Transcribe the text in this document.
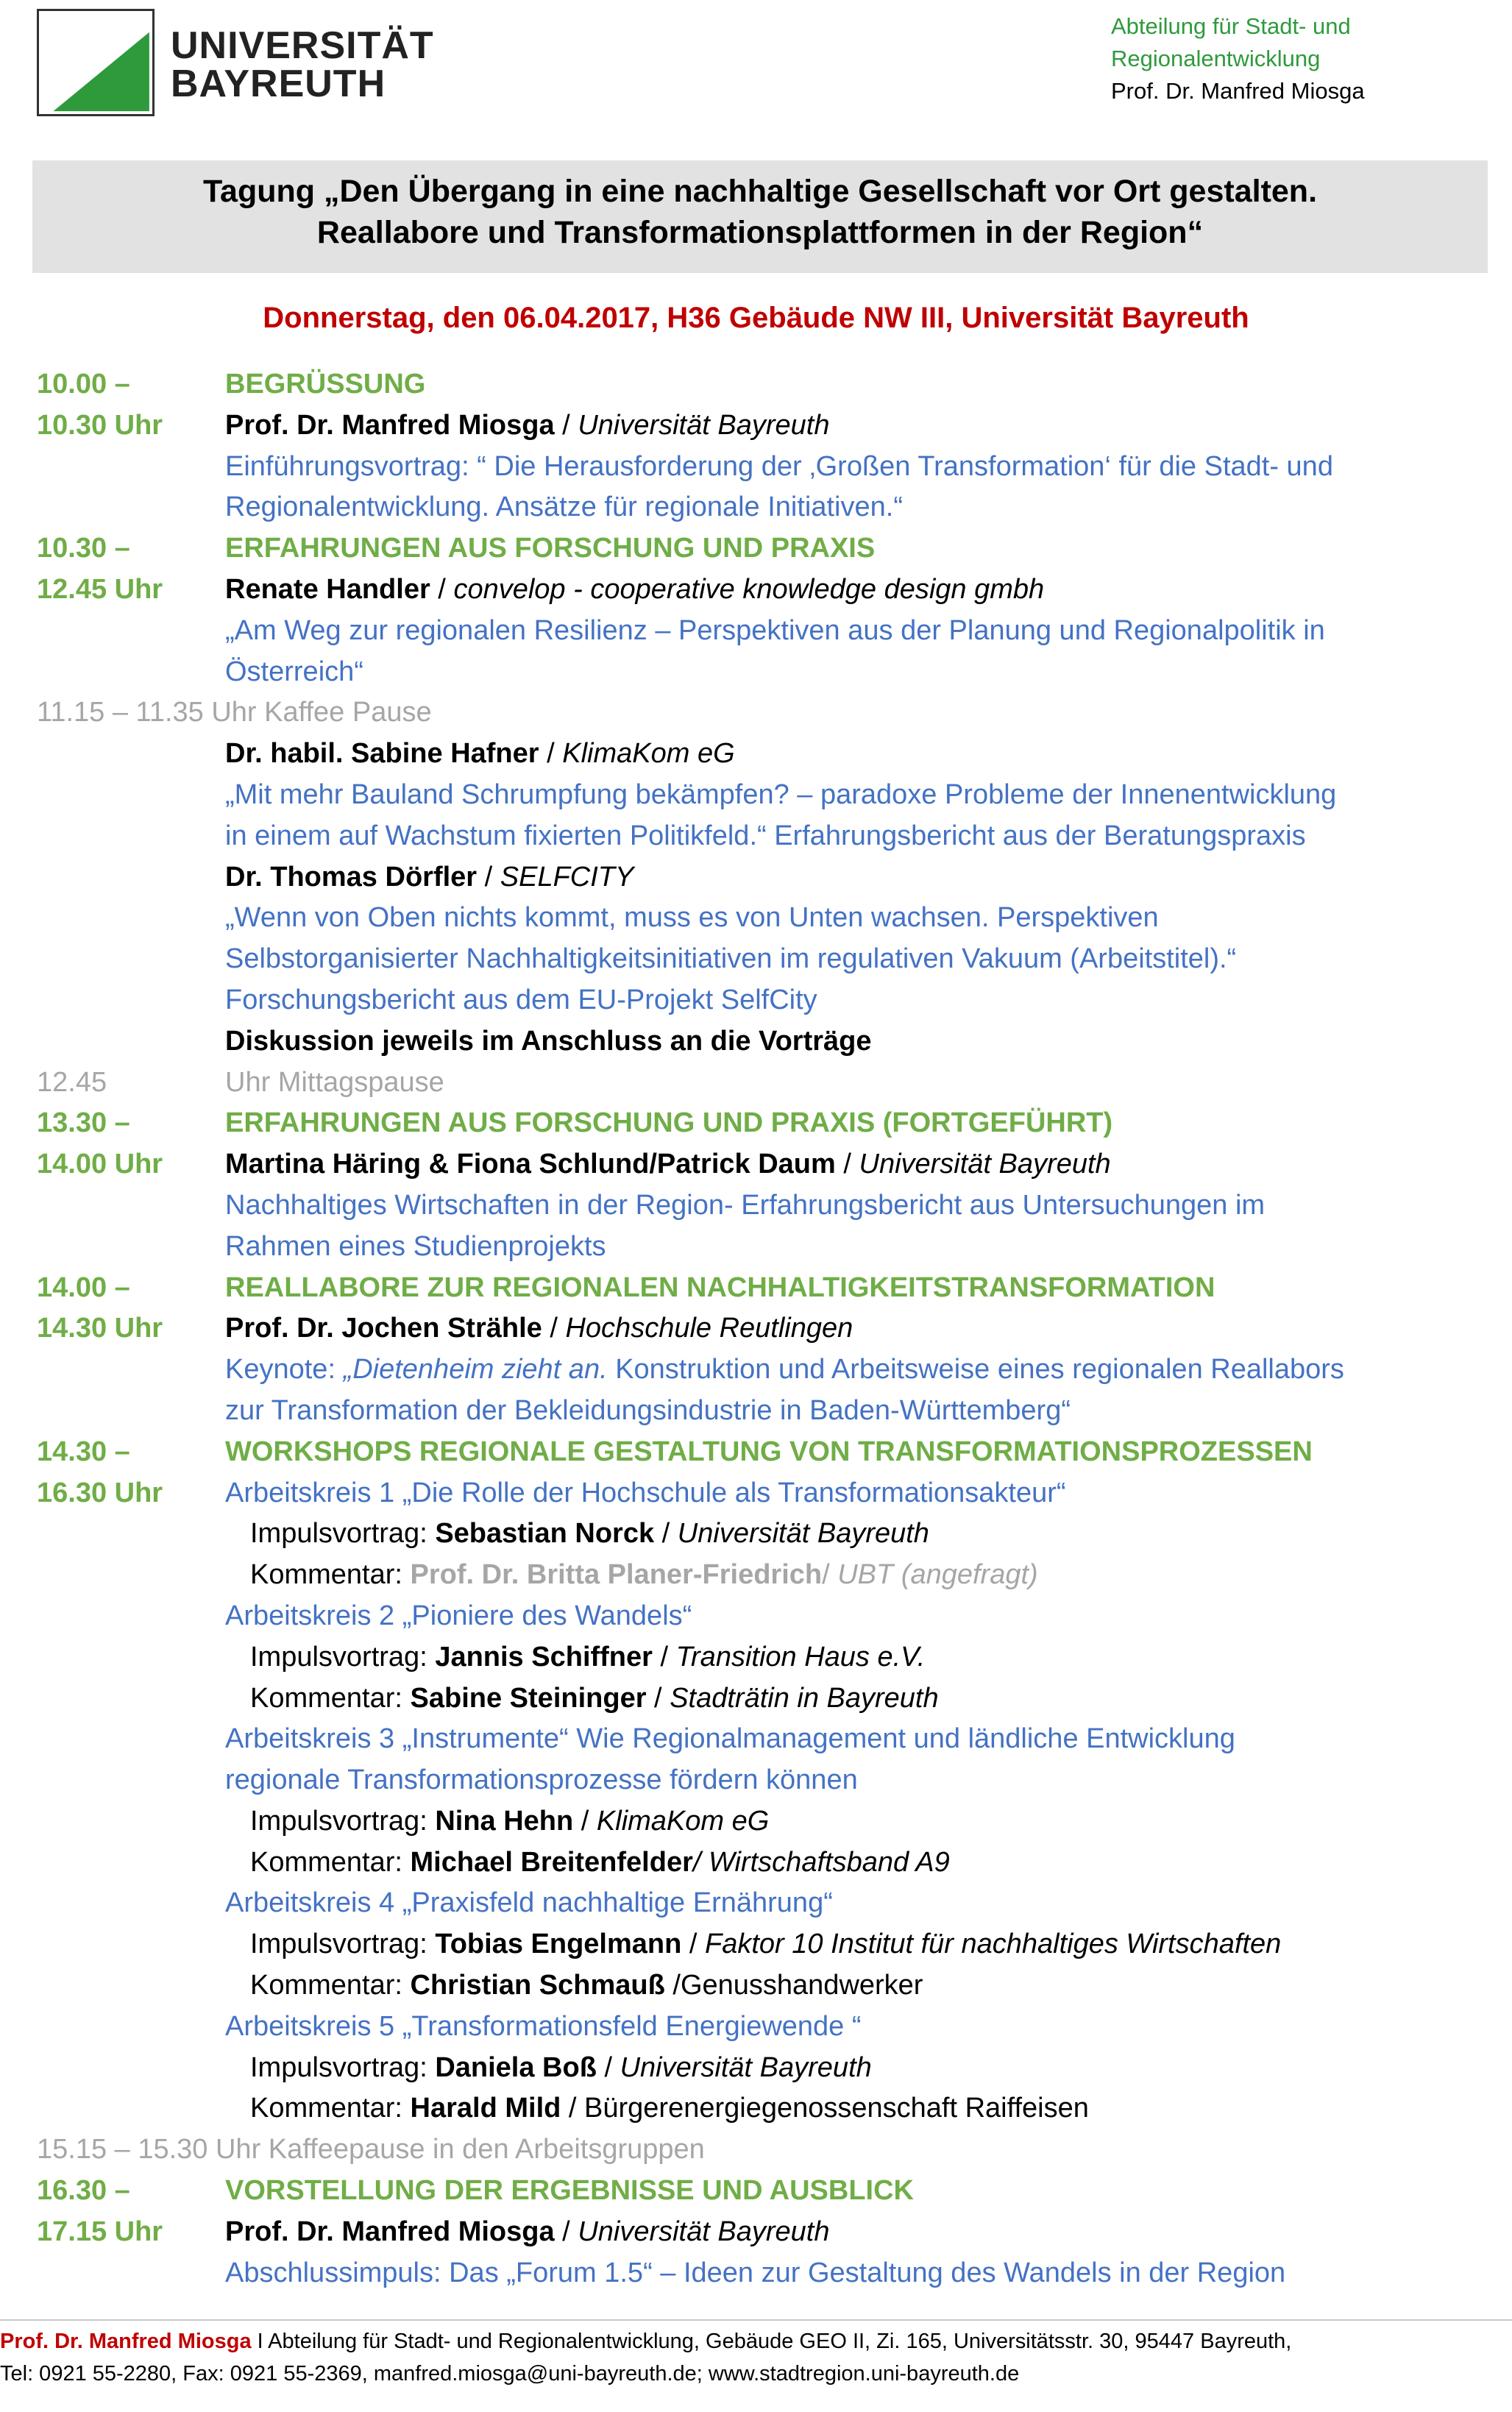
UNIVERSITÄT
BAYREUTH
Abteilung für Stadt- und
Regionalentwicklung
Prof. Dr. Manfred Miosga
Tagung „Den Übergang in eine nachhaltige Gesellschaft vor Ort gestalten.
Reallabore und Transformationsplattformen in der Region“
Donnerstag, den 06.04.2017, H36 Gebäude NW III, Universität Bayreuth
10.00 –	BEGRÜSSUNG
10.30 Uhr	Prof. Dr. Manfred Miosga / Universität Bayreuth
Einführungsvortrag: “ Die Herausforderung der ‚Großen Transformation‘ für die Stadt- und
Regionalentwicklung. Ansätze für regionale Initiativen.“
10.30 –	ERFAHRUNGEN AUS FORSCHUNG UND PRAXIS
12.45 Uhr	Renate Handler / convelop - cooperative knowledge design gmbh
„Am Weg zur regionalen Resilienz – Perspektiven aus der Planung und Regionalpolitik in
Österreich“
11.15 – 11.35 Uhr Kaffee Pause
Dr. habil. Sabine Hafner / KlimaKom eG
„Mit mehr Bauland Schrumpfung bekämpfen? – paradoxe Probleme der Innenentwicklung
in einem auf Wachstum fixierten Politikfeld.“ Erfahrungsbericht aus der Beratungspraxis
Dr. Thomas Dörfler / SELFCITY
„Wenn von Oben nichts kommt, muss es von Unten wachsen. Perspektiven
Selbstorganisierter Nachhaltigkeitsinitiativen im regulativen Vakuum (Arbeitstitel).“
Forschungsbericht aus dem EU-Projekt SelfCity
Diskussion jeweils im Anschluss an die Vorträge
12.45	Uhr Mittagspause
13.30 –	ERFAHRUNGEN AUS FORSCHUNG UND PRAXIS (FORTGEFÜHRT)
14.00 Uhr	Martina Häring & Fiona Schlund/Patrick Daum / Universität Bayreuth
Nachhaltiges Wirtschaften in der Region- Erfahrungsbericht aus Untersuchungen im
Rahmen eines Studienprojekts
14.00 –	REALLABORE ZUR REGIONALEN NACHHALTIGKEITSTRANSFORMATION
14.30 Uhr	Prof. Dr. Jochen Strähle / Hochschule Reutlingen
Keynote: „Dietenheim zieht an. Konstruktion und Arbeitsweise eines regionalen Reallabors
zur Transformation der Bekleidungsindustrie in Baden-Württemberg“
14.30 –	WORKSHOPS REGIONALE GESTALTUNG VON TRANSFORMATIONSPROZESSEN
16.30 Uhr	Arbeitskreis 1 „Die Rolle der Hochschule als Transformationsakteur“
Impulsvortrag: Sebastian Norck / Universität Bayreuth
Kommentar: Prof. Dr. Britta Planer-Friedrich/ UBT (angefragt)
Arbeitskreis 2 „Pioniere des Wandels“
Impulsvortrag: Jannis Schiffner / Transition Haus e.V.
Kommentar: Sabine Steininger / Stadträtin in Bayreuth
Arbeitskreis 3 „Instrumente“ Wie Regionalmanagement und ländliche Entwicklung
regionale Transformationsprozesse fördern können
Impulsvortrag: Nina Hehn / KlimaKom eG
Kommentar: Michael Breitenfelder/ Wirtschaftsband A9
Arbeitskreis 4 „Praxisfeld nachhaltige Ernährung“
Impulsvortrag: Tobias Engelmann / Faktor 10 Institut für nachhaltiges Wirtschaften
Kommentar: Christian Schmauß /Genusshandwerker
Arbeitskreis 5 „Transformationsfeld Energiewende “
Impulsvortrag: Daniela Boß / Universität Bayreuth
Kommentar: Harald Mild / Bürgerenergiegenossenschaft Raiffeisen
15.15 – 15.30 Uhr Kaffeepause in den Arbeitsgruppen
16.30 –	VORSTELLUNG DER ERGEBNISSE UND AUSBLICK
17.15 Uhr	Prof. Dr. Manfred Miosga / Universität Bayreuth
Abschlussimpuls: Das „Forum 1.5“ – Ideen zur Gestaltung des Wandels in der Region
Prof. Dr. Manfred Miosga I Abteilung für Stadt- und Regionalentwicklung, Gebäude GEO II, Zi. 165, Universitätsstr. 30, 95447 Bayreuth,
Tel: 0921 55-2280, Fax: 0921 55-2369, manfred.miosga@uni-bayreuth.de; www.stadtregion.uni-bayreuth.de
